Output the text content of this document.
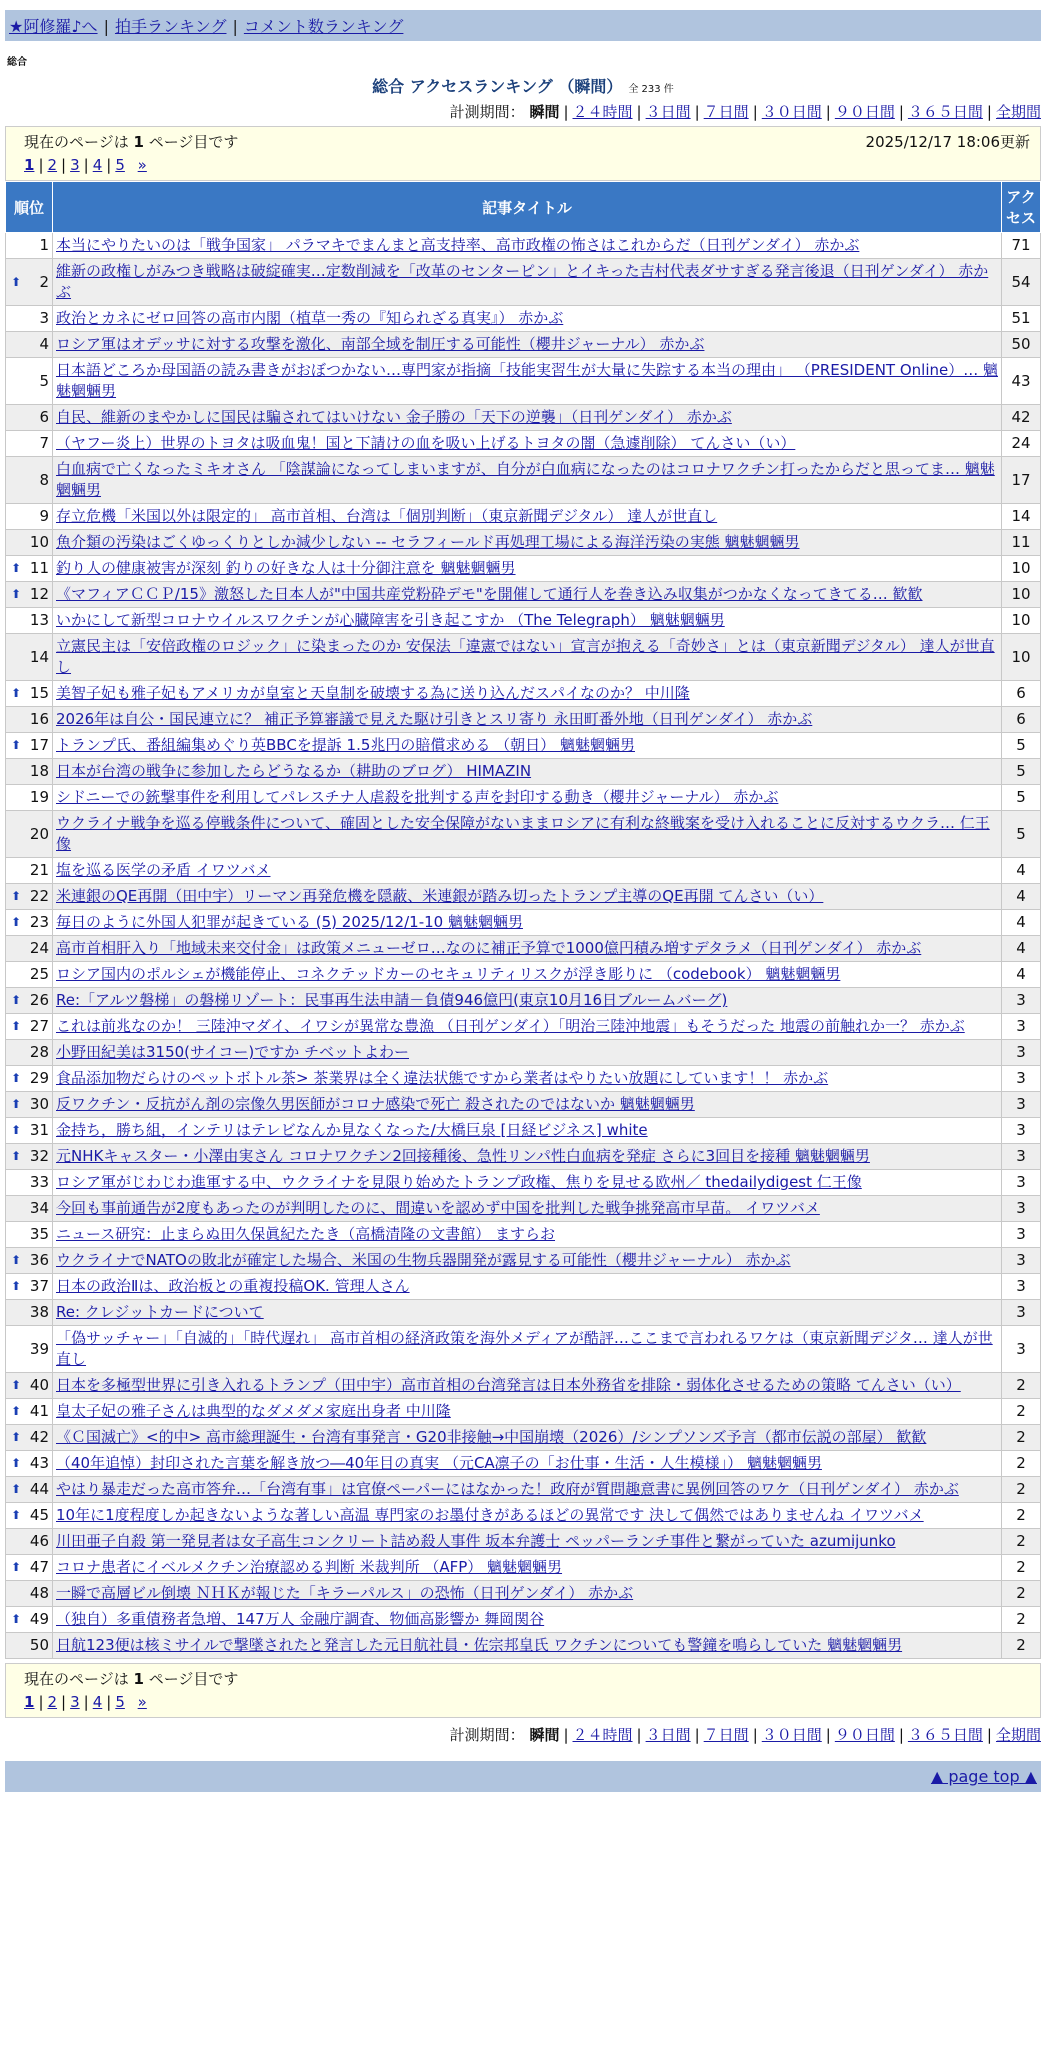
★阿修羅♪へ | 拍手ランキング | コメント数ランキング
総合
総合 アクセスランキング （瞬間） 全 233 件
計測期間： 瞬間 | ２４時間 | ３日間 | ７日間 | ３０日間 | ９０日間 | ３６５日間 | 全期間
現在のページは 1 ページ目です	2025/12/17 18:06更新
1 | 2 | 3 | 4 | 5 »
順位	記事タイトル	アクセス
1	本当にやりたいのは「戦争国家」 パラマキでまんまと高支持率、高市政権の怖さはこれからだ（日刊ゲンダイ） 赤かぶ	71

⬆ 2	維新の政権しがみつき戦略は破綻確実…定数削減を「改革のセンターピン」とイキった吉村代表ダサすぎる発言後退（日刊ゲンダイ） 赤かぶ	54
3	政治とカネにゼロ回答の高市内閣（植草一秀の『知られざる真実』） 赤かぶ	51
4	ロシア軍はオデッサに対する攻撃を激化、南部全域を制圧する可能性（櫻井ジャーナル） 赤かぶ	50
5	日本語どころか母国語の読み書きがおぼつかない…専門家が指摘「技能実習生が大量に失踪する本当の理由」 （PRESIDENT Online）… 魑魅魍魎男	43
6	自民、維新のまやかしに国民は騙されてはいけない 金子勝の「天下の逆襲」（日刊ゲンダイ） 赤かぶ	42
7	（ヤフー炎上）世界のトヨタは吸血鬼！国と下請けの血を吸い上げるトヨタの闇（急遽削除） てんさい（い）	24
8	白血病で亡くなったミキオさん 「陰謀論になってしまいますが、自分が白血病になったのはコロナワクチン打ったからだと思ってま… 魑魅魍魎男	17
9	存立危機「米国以外は限定的」 高市首相、台湾は「個別判断」（東京新聞デジタル） 達人が世直し	14
10	魚介類の汚染はごくゆっくりとしか減少しない -- セラフィールド再処理工場による海洋汚染の実態 魑魅魍魎男	11

⬆ 11	釣り人の健康被害が深刻 釣りの好きな人は十分御注意を 魑魅魍魎男	10

⬆ 12	《マフィアＣＣＰ/15》激怒した日本人が"中国共産党粉砕デモ"を開催して通行人を巻き込み収集がつかなくなってきてる… 歓歓	10
13	いかにして新型コロナウイルスワクチンが心臓障害を引き起こすか （The Telegraph） 魑魅魍魎男	10
14	立憲民主は「安倍政権のロジック」に染まったのか 安保法「違憲ではない」宣言が抱える「奇妙さ」とは（東京新聞デジタル） 達人が世直し	10

⬆ 15	美智子妃も雅子妃もアメリカが皇室と天皇制を破壊する為に送り込んだスパイなのか？ 中川隆	6
16	2026年は自公・国民連立に？ 補正予算審議で見えた駆け引きとスリ寄り 永田町番外地（日刊ゲンダイ） 赤かぶ	6

⬆ 17	トランプ氏、番組編集めぐり英BBCを提訴 1.5兆円の賠償求める （朝日） 魑魅魍魎男	5
18	日本が台湾の戦争に参加したらどうなるか（耕助のブログ） HIMAZIN	5
19	シドニーでの銃撃事件を利用してパレスチナ人虐殺を批判する声を封印する動き（櫻井ジャーナル） 赤かぶ	5
20	ウクライナ戦争を巡る停戦条件について、確固とした安全保障がないままロシアに有利な終戦案を受け入れることに反対するウクラ… 仁王像	5
21	塩を巡る医学の矛盾 イワツバメ	4

⬆ 22	米連銀のQE再開（田中宇）リーマン再発危機を隠蔽、米連銀が踏み切ったトランプ主導のQE再開 てんさい（い）	4

⬆ 23	毎日のように外国人犯罪が起きている (5) 2025/12/1-10 魑魅魍魎男	4
24	高市首相肝入り「地域未来交付金」は政策メニューゼロ…なのに補正予算で1000億円積み増すデタラメ（日刊ゲンダイ） 赤かぶ	4
25	ロシア国内のポルシェが機能停止、コネクテッドカーのセキュリティリスクが浮き彫りに （codebook） 魑魅魍魎男	4

⬆ 26	Re:「アルツ磐梯」の磐梯リゾート：民事再生法申請－負債946億円(東京10月16日ブルームバーグ)	3

⬆ 27	これは前兆なのか！ 三陸沖マダイ、イワシが異常な豊漁 （日刊ゲンダイ）「明治三陸沖地震」もそうだった 地震の前触れか一？ 赤かぶ	3
28	小野田紀美は3150(サイコー)ですか チベットよわー	3

⬆ 29	食品添加物だらけのペットボトル茶> 茶業界は全く違法状態ですから業者はやりたい放題にしています！！ 赤かぶ	3

⬆ 30	反ワクチン・反抗がん剤の宗像久男医師がコロナ感染で死亡 殺されたのではないか 魑魅魍魎男	3

⬆ 31	金持ち，勝ち組，インテリはテレビなんか見なくなった/大橋巨泉 [日経ビジネス] white	3

⬆ 32	元NHKキャスター・小澤由実さん コロナワクチン2回接種後、急性リンパ性白血病を発症 さらに3回目を接種 魑魅魍魎男	3
33	ロシア軍がじわじわ進軍する中、ウクライナを見限り始めたトランプ政権、焦りを見せる欧州／ thedailydigest 仁王像	3
34	今回も事前通告が2度もあったのが判明したのに、間違いを認めず中国を批判した戦争挑発高市早苗。 イワツバメ	3
35	ニュース研究：止まらぬ田久保眞紀たたき（高橋清隆の文書館） ますらお	3

⬆ 36	ウクライナでNATOの敗北が確定した場合、米国の生物兵器開発が露見する可能性（櫻井ジャーナル） 赤かぶ	3

⬆ 37	日本の政治Ⅱは、政治板との重複投稿OK. 管理人さん	3
38	Re: クレジットカードについて	3
39	「偽サッチャー」「自滅的」「時代遅れ」 高市首相の経済政策を海外メディアが酷評…ここまで言われるワケは（東京新聞デジタ… 達人が世直し	3

⬆ 40	日本を多極型世界に引き入れるトランプ（田中宇）高市首相の台湾発言は日本外務省を排除・弱体化させるための策略 てんさい（い）	2

⬆ 41	皇太子妃の雅子さんは典型的なダメダメ家庭出身者 中川隆	2

⬆ 42	《Ｃ国滅亡》<的中> 高市総理誕生・台湾有事発言・G20非接触→中国崩壊（2026）/シンプソンズ予言（都市伝説の部屋） 歓歓	2

⬆ 43	（40年追悼）封印された言葉を解き放つ―40年目の真実 （元CA凛子の「お仕事・生活・人生模様」） 魑魅魍魎男	2

⬆ 44	やはり暴走だった高市答弁…「台湾有事」は官僚ペーパーにはなかった！政府が質問趣意書に異例回答のワケ（日刊ゲンダイ） 赤かぶ	2

⬆ 45	10年に1度程度しか起きないような著しい高温 専門家のお墨付きがあるほどの異常です 決して偶然ではありませんね イワツバメ	2
46	川田亜子自殺 第一発見者は女子高生コンクリート詰め殺人事件 坂本弁護士 ペッパーランチ事件と繋がっていた azumijunko	2

⬆ 47	コロナ患者にイベルメクチン治療認める判断 米裁判所 （AFP） 魑魅魍魎男	2
48	一瞬で高層ビル倒壊 ＮＨＫが報じた「キラーパルス」の恐怖（日刊ゲンダイ） 赤かぶ	2

⬆ 49	（独自）多重債務者急増、147万人 金融庁調査、物価高影響か 舞岡関谷	2
50	日航123便は核ミサイルで撃墜されたと発言した元日航社員・佐宗邦皇氏 ワクチンについても警鐘を鳴らしていた 魑魅魍魎男	2
現在のページは 1 ページ目です
1 | 2 | 3 | 4 | 5 »
計測期間： 瞬間 | ２４時間 | ３日間 | ７日間 | ３０日間 | ９０日間 | ３６５日間 | 全期間
▲ page top ▲
